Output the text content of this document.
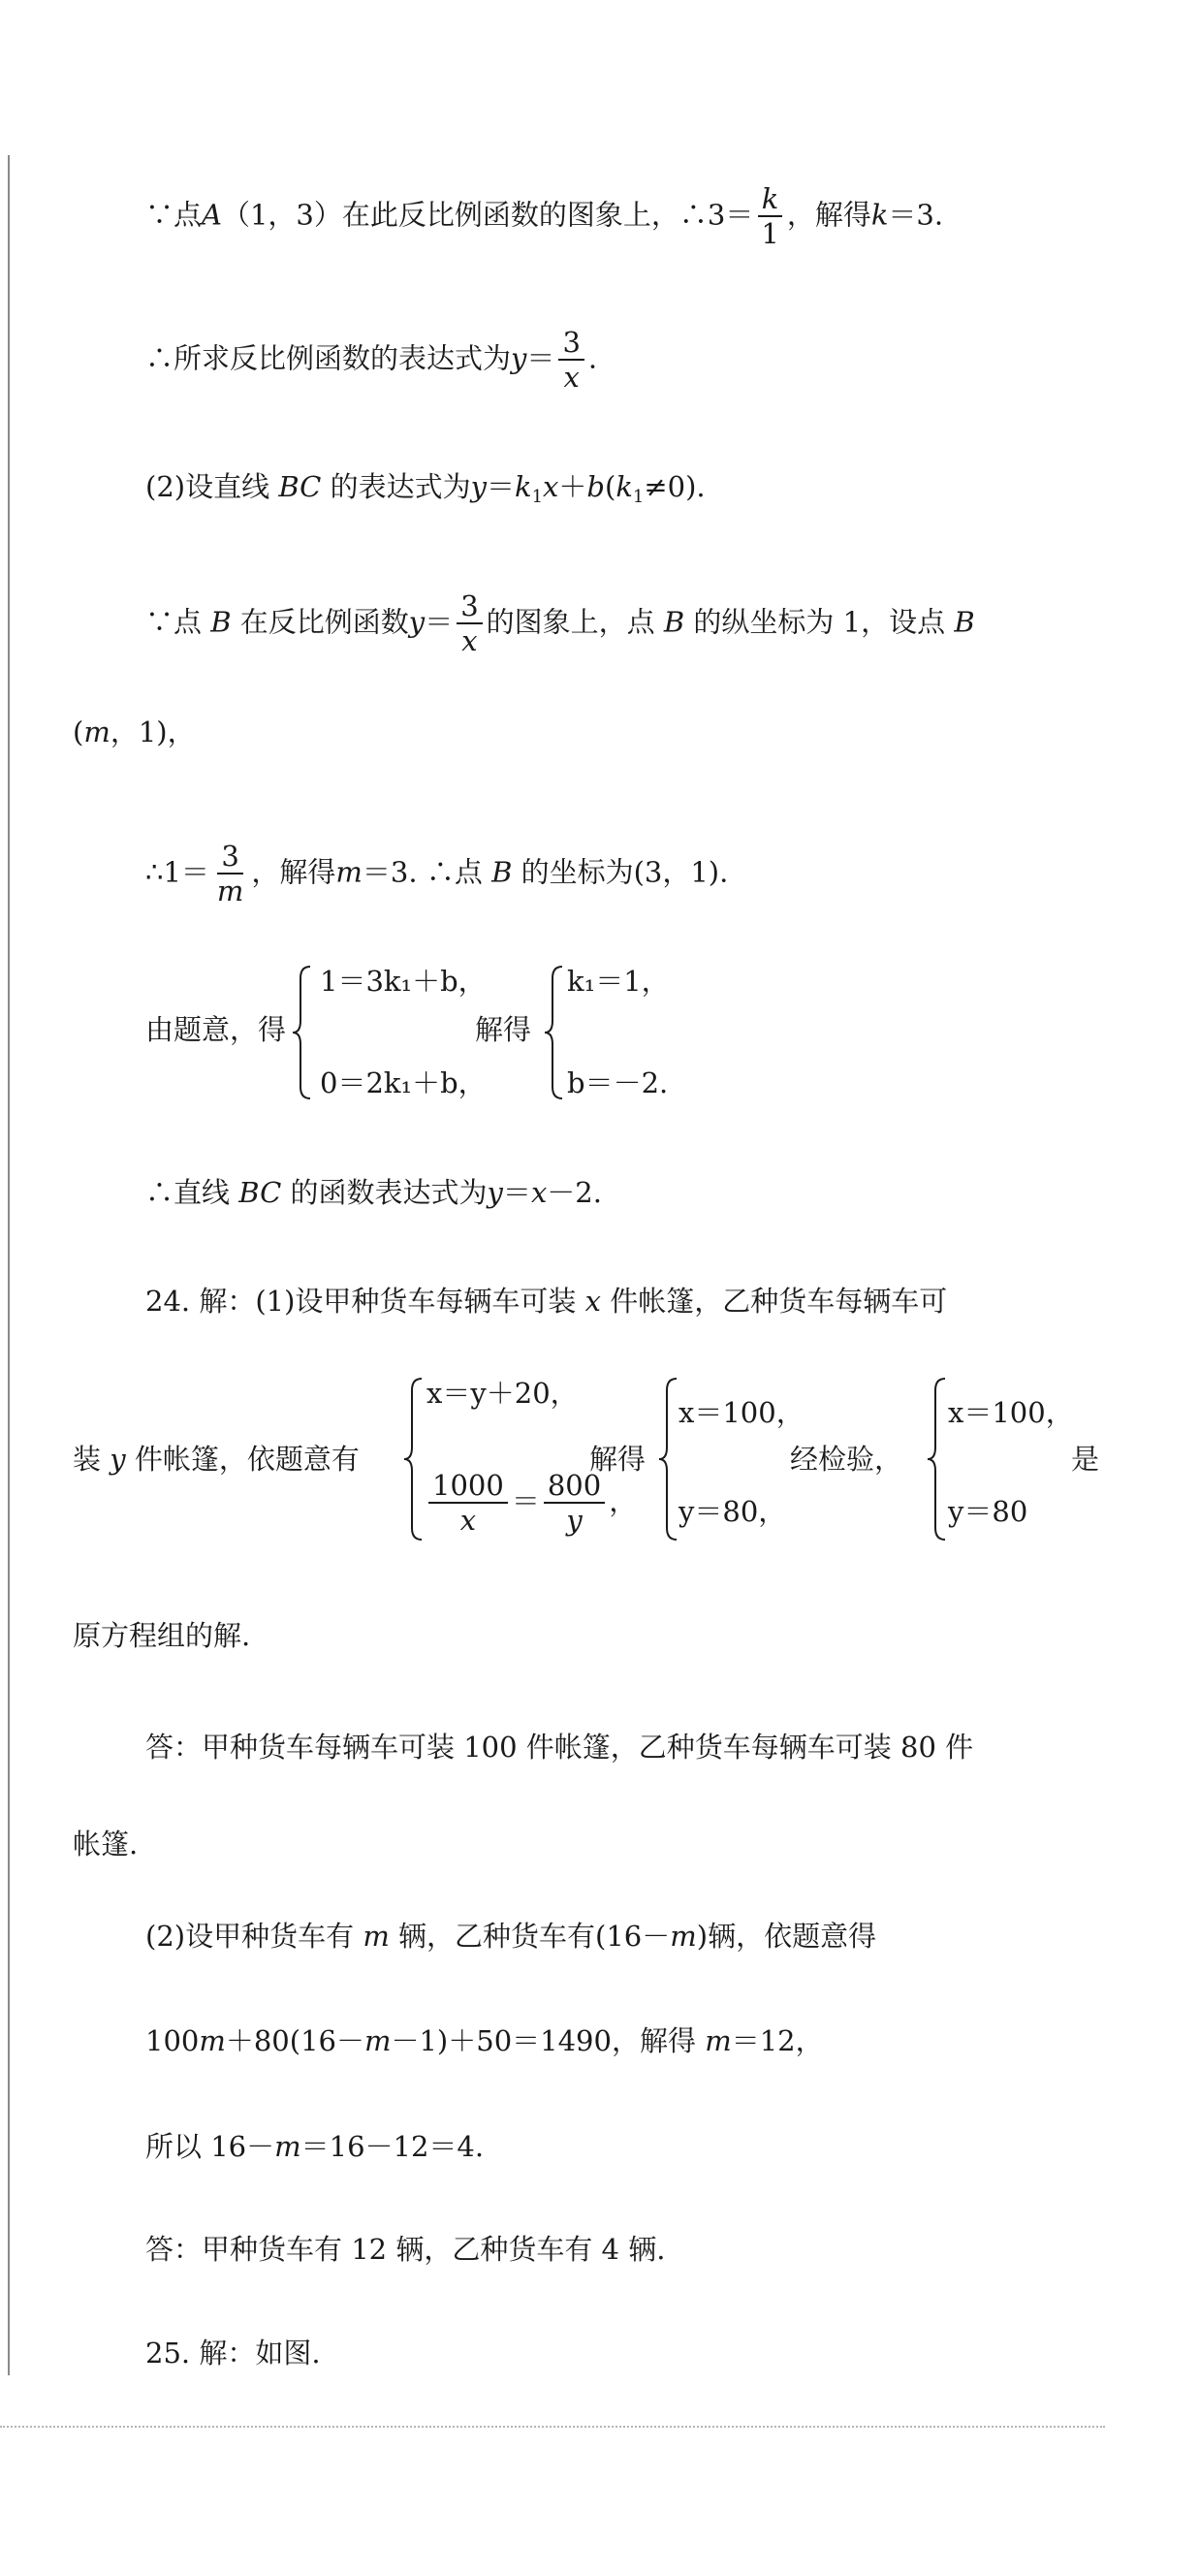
∵点A（1，3）在此反比例函数的图象上，∴3＝ $\frac{k}{1}$ ，解得k＝3.
∴所求反比例函数的表达式为$y= \frac{3}{x}$ .
(2)设直线 BC 的表达式为$y=k_1x+b(k_1\ne 0)$.
∵点 B 在反比例函数$y= \frac{3}{x}$ 的图象上，点 B 的纵坐标为 1，设点 B
(m，1)，
∴1＝ $\frac{3}{m}$ ，解得m＝3. ∴点 B 的坐标为(3，1).
由题意，得
1＝3k₁＋b，
0＝2k₁＋b，
解得
k₁＝1，
b＝－2.
∴直线 BC 的函数表达式为y＝x－2.
24. 解：(1)设甲种货车每辆车可装 x 件帐篷，乙种货车每辆车可
装 y 件帐篷，依题意有
x＝y＋20，
$\frac{1000}{x} = \frac{800}{y}$ ，
解得
x＝100，
y＝80，
经检验，
x＝100，
y＝80
是
原方程组的解.
答：甲种货车每辆车可装 100 件帐篷，乙种货车每辆车可装 80 件
帐篷.
(2)设甲种货车有 m 辆，乙种货车有(16－m)辆，依题意得
100m＋80(16－m－1)＋50＝1490，解得 m＝12，
所以 16－m＝16－12＝4.
答：甲种货车有 12 辆，乙种货车有 4 辆.
25. 解：如图.
